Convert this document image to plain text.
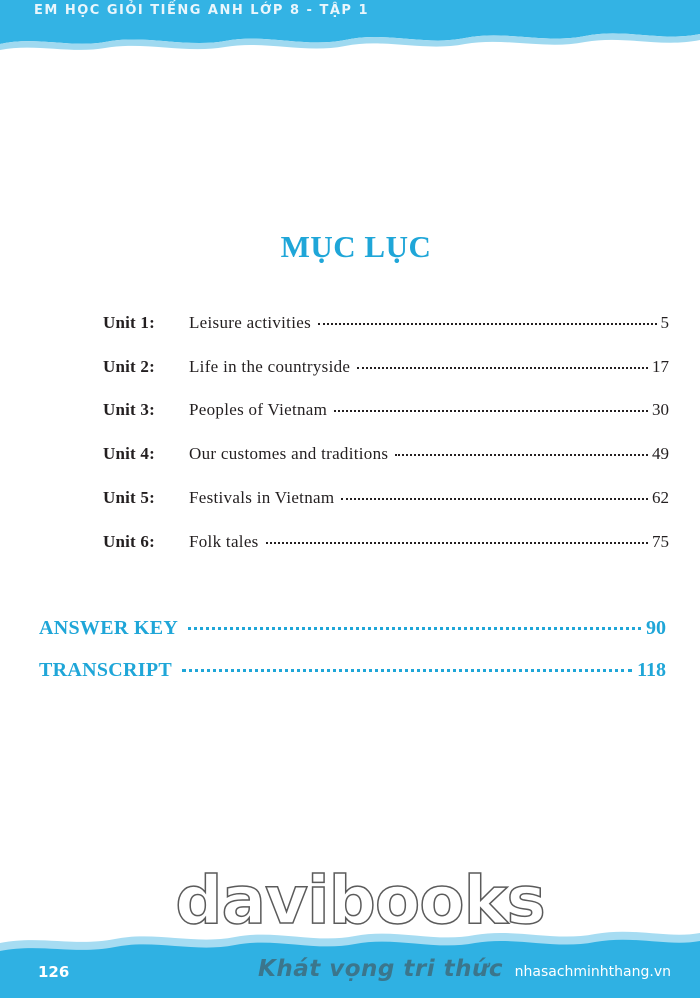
EM HỌC GIỎI TIẾNG ANH LỚP 8 - TẬP 1
MỤC LỤC
Unit 1:	Leisure activities	5
Unit 2:	Life in the countryside	17
Unit 3:	Peoples of Vietnam	30
Unit 4:	Our customes and traditions	49
Unit 5:	Festivals in Vietnam	62
Unit 6:	Folk tales	75
ANSWER KEY	90
TRANSCRIPT	118
davibooks
Khát vọng tri thức
126	nhasachminhthang.vn
